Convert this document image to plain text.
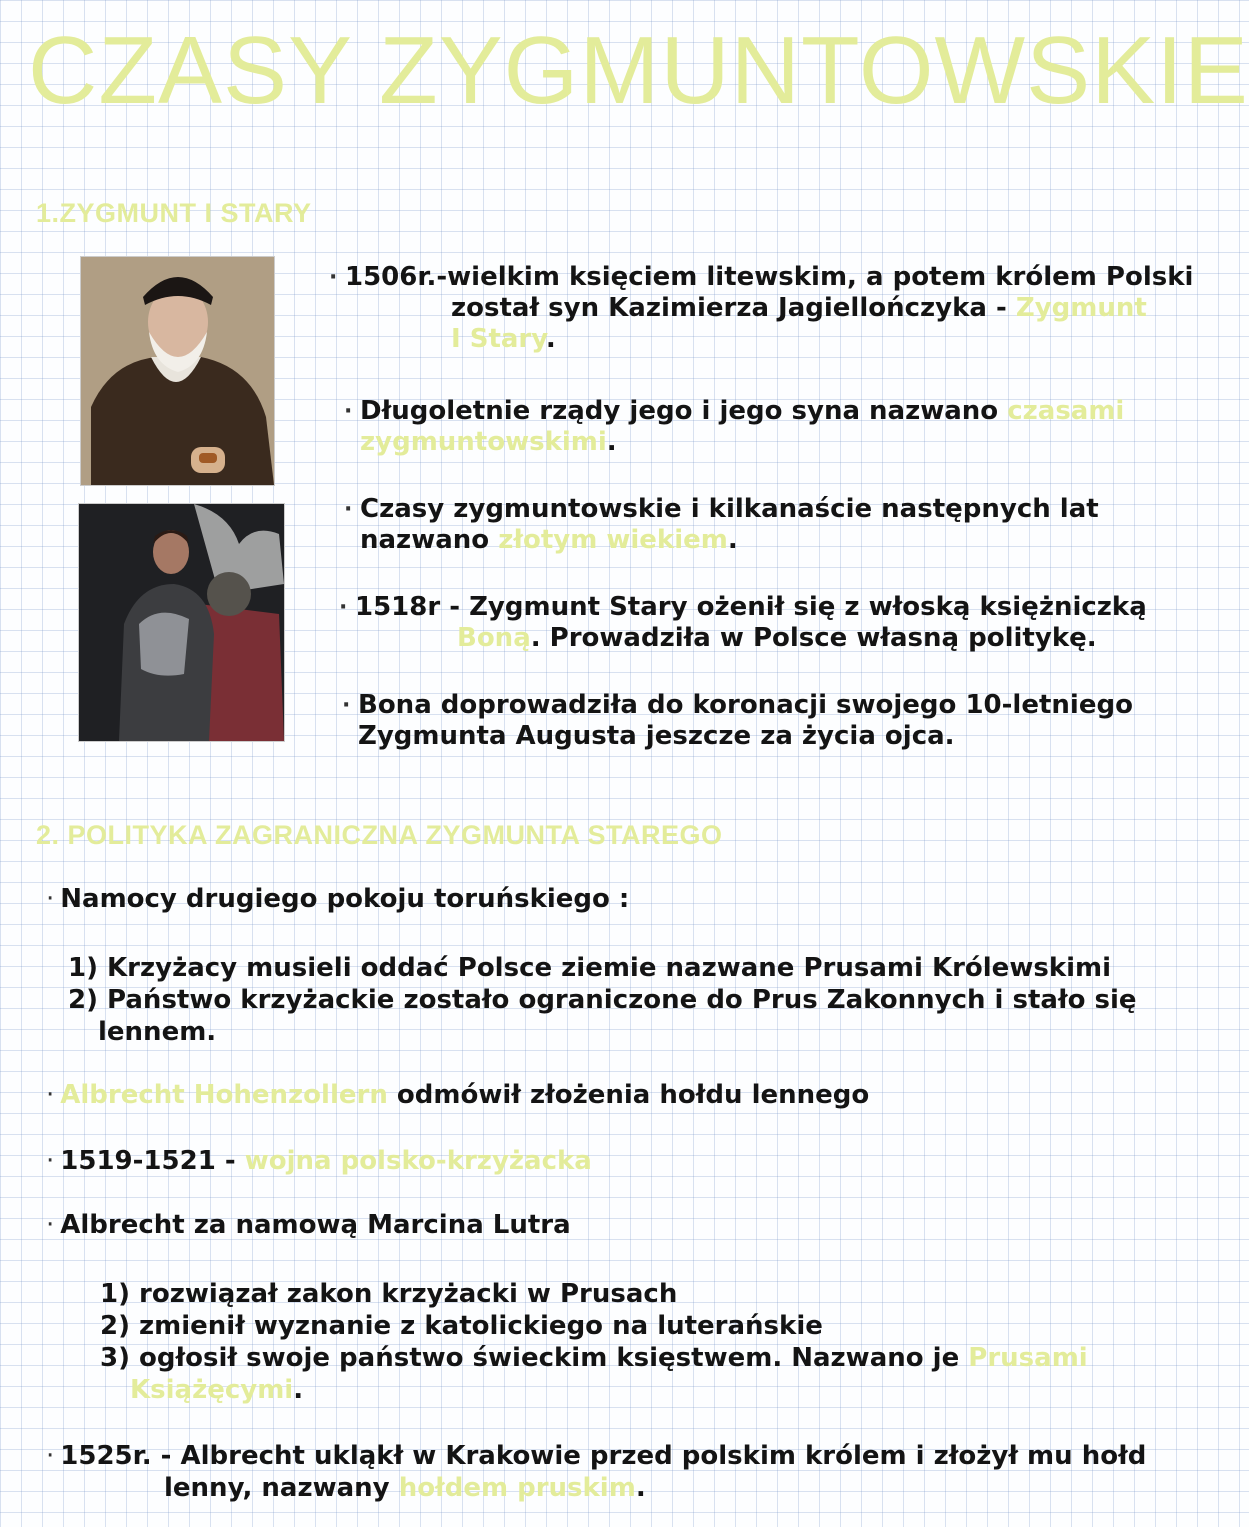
CZASY ZYGMUNTOWSKIE
1.ZYGMUNT I STARY
· 1506r.-wielkim księciem litewskim, a potem królem Polski
został syn Kazimierza Jagiellończyka - Zygmunt
I Stary.
· Długoletnie rządy jego i jego syna nazwano czasami
zygmuntowskimi.
· Czasy zygmuntowskie i kilkanaście następnych lat
nazwano złotym wiekiem.
· 1518r - Zygmunt Stary ożenił się z włoską księżniczką
Boną. Prowadziła w Polsce własną politykę.
· Bona doprowadziła do koronacji swojego 10-letniego
Zygmunta Augusta jeszcze za życia ojca.
2. POLITYKA ZAGRANICZNA ZYGMUNTA STAREGO
· Namocy drugiego pokoju toruńskiego :
1) Krzyżacy musieli oddać Polsce ziemie nazwane Prusami Królewskimi
2) Państwo krzyżackie zostało ograniczone do Prus Zakonnych i stało się
lennem.
· Albrecht Hohenzollern odmówił złożenia hołdu lennego
· 1519-1521 - wojna polsko-krzyżacka
· Albrecht za namową Marcina Lutra
1) rozwiązał zakon krzyżacki w Prusach
2) zmienił wyznanie z katolickiego na luterańskie
3) ogłosił swoje państwo świeckim księstwem. Nazwano je Prusami
Książęcymi.
· 1525r. - Albrecht ukląkł w Krakowie przed polskim królem i złożył mu hołd
lenny, nazwany hołdem pruskim.
